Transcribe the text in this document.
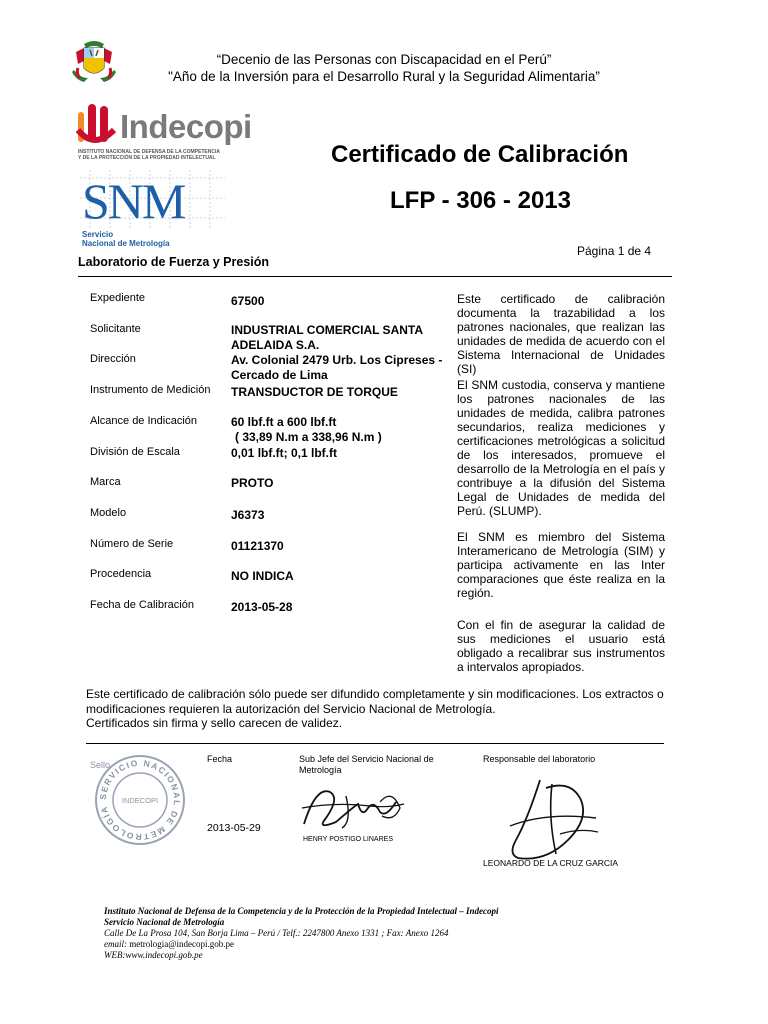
“Decenio de las Personas con Discapacidad en el Perú”
"Año de la Inversión para el Desarrollo Rural y la Seguridad Alimentaria”
Indecopi
INSTITUTO NACIONAL DE DEFENSA DE LA COMPETENCIA
Y DE LA PROTECCIÓN DE LA PROPIEDAD INTELECTUAL
SNM
Servicio
Nacional de Metrología
Certificado de Calibración
LFP - 306 - 2013
Página 1 de 4
Laboratorio de Fuerza y Presión
Expediente	67500
Solicitante	INDUSTRIAL COMERCIAL SANTA ADELAIDA S.A.
Dirección	Av. Colonial 2479 Urb. Los Cipreses - Cercado de Lima
Instrumento de Medición TRANSDUCTOR DE TORQUE
Alcance de Indicación	60 lbf.ft a 600 lbf.ft
( 33,89 N.m a 338,96 N.m )
División de Escala	0,01 lbf.ft; 0,1 lbf.ft
Marca	PROTO
Modelo	J6373
Número de Serie	01121370
Procedencia	NO INDICA
Fecha de Calibración	2013-05-28
Este certificado de calibración documenta la trazabilidad a los patrones nacionales, que realizan las unidades de medida de acuerdo con el Sistema Internacional de Unidades (SI)
El SNM custodia, conserva y mantiene los patrones nacionales de las unidades de medida, calibra patrones secundarios, realiza mediciones y certificaciones metrológicas a solicitud de los interesados, promueve el desarrollo de la Metrología en el país y contribuye a la difusión del Sistema Legal de Unidades de medida del Perú. (SLUMP).
El SNM es miembro del Sistema Interamericano de Metrología (SIM) y participa activamente en las Inter comparaciones que éste realiza en la región.
Con el fin de asegurar la calidad de sus mediciones el usuario está obligado a recalibrar sus instrumentos a intervalos apropiados.
Este certificado de calibración sólo puede ser difundido completamente y sin modificaciones. Los extractos o modificaciones requieren la autorización del Servicio Nacional de Metrología.
Certificados sin firma y sello carecen de validez.
Sello
SERVICIO NACIONAL DE METROLOGÍA
INDECOPI
Fecha
2013-05-29
Sub Jefe del Servicio Nacional de Metrología
HENRY POSTIGO LINARES
Responsable del laboratorio
LEONARDO DE LA CRUZ GARCIA
Instituto Nacional de Defensa de la Competencia y de la Protección de la Propiedad Intelectual – Indecopi
Servicio Nacional de Metrología
Calle De La Prosa 104, San Borja Lima – Perú / Telf.: 2247800 Anexo 1331 ; Fax: Anexo 1264
email: metrologia@indecopi.gob.pe
WEB:www.indecopi.gob.pe
